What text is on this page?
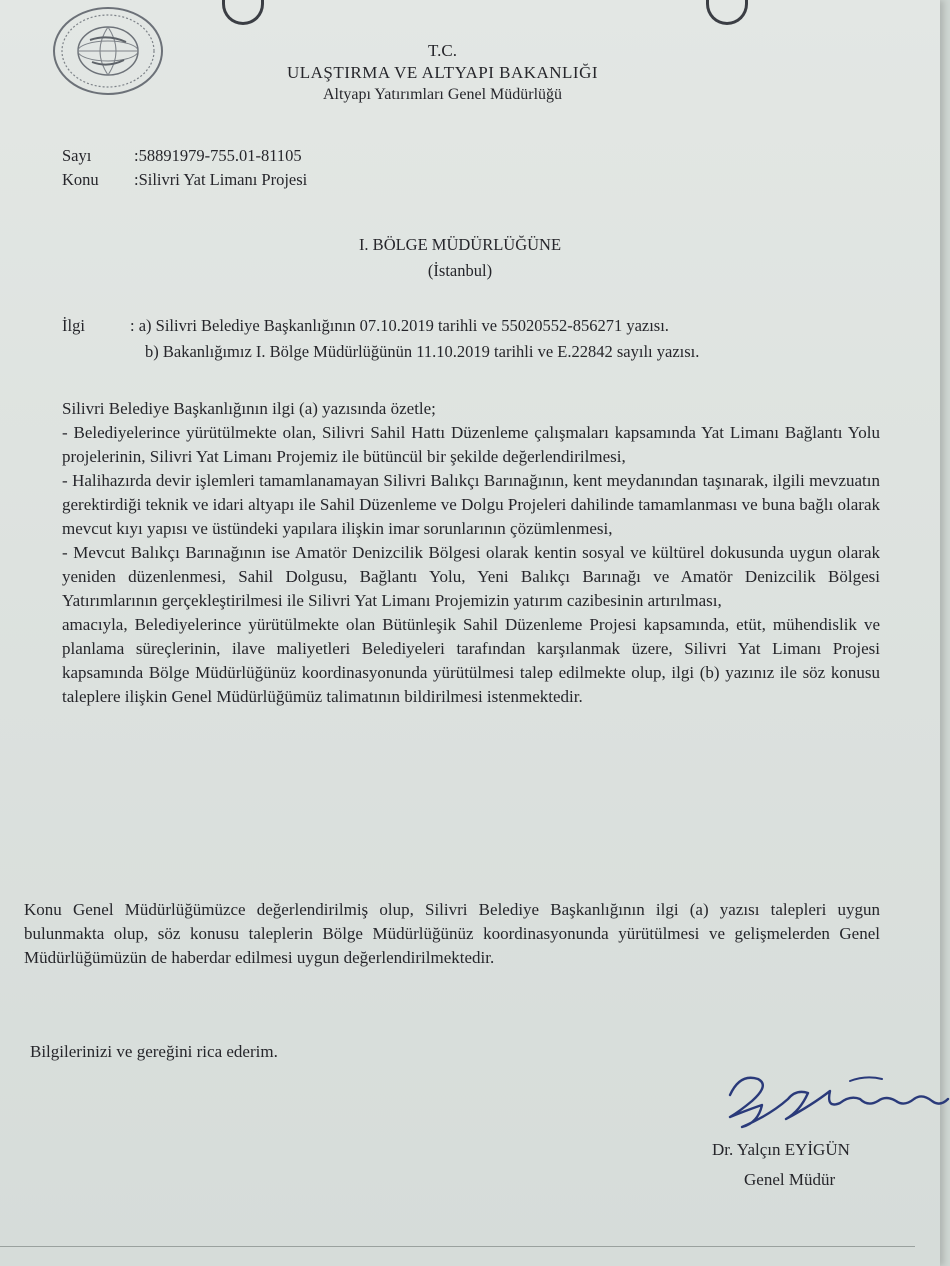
T.C.
ULAŞTIRMA VE ALTYAPI BAKANLIĞI
Altyapı Yatırımları Genel Müdürlüğü
Sayı	:58891979-755.01-81105
Konu :Silivri Yat Limanı Projesi
I. BÖLGE MÜDÜRLÜĞÜNE
(İstanbul)
İlgi	: a) Silivri Belediye Başkanlığının 07.10.2019 tarihli ve 55020552-856271 yazısı.
b) Bakanlığımız I. Bölge Müdürlüğünün 11.10.2019 tarihli ve E.22842 sayılı yazısı.

Silivri Belediye Başkanlığının ilgi (a) yazısında özetle;

- Belediyelerince yürütülmekte olan, Silivri Sahil Hattı Düzenleme çalışmaları kapsamında Yat Limanı Bağlantı Yolu projelerinin, Silivri Yat Limanı Projemiz ile bütüncül bir şekilde değerlendirilmesi,

- Halihazırda devir işlemleri tamamlanamayan Silivri Balıkçı Barınağının, kent meydanından taşınarak, ilgili mevzuatın gerektirdiği teknik ve idari altyapı ile Sahil Düzenleme ve Dolgu Projeleri dahilinde tamamlanması ve buna bağlı olarak mevcut kıyı yapısı ve üstündeki yapılara ilişkin imar sorunlarının çözümlenmesi,

- Mevcut Balıkçı Barınağının ise Amatör Denizcilik Bölgesi olarak kentin sosyal ve kültürel dokusunda uygun olarak yeniden düzenlenmesi, Sahil Dolgusu, Bağlantı Yolu, Yeni Balıkçı Barınağı ve Amatör Denizcilik Bölgesi Yatırımlarının gerçekleştirilmesi ile Silivri Yat Limanı Projemizin yatırım cazibesinin artırılması,

amacıyla, Belediyelerince yürütülmekte olan Bütünleşik Sahil Düzenleme Projesi kapsamında, etüt, mühendislik ve planlama süreçlerinin, ilave maliyetleri Belediyeleri tarafından karşılanmak üzere, Silivri Yat Limanı Projesi kapsamında Bölge Müdürlüğünüz koordinasyonunda yürütülmesi talep edilmekte olup, ilgi (b) yazınız ile söz konusu taleplere ilişkin Genel Müdürlüğümüz talimatının bildirilmesi istenmektedir.

Konu Genel Müdürlüğümüzce değerlendirilmiş olup, Silivri Belediye Başkanlığının ilgi (a) yazısı talepleri uygun bulunmakta olup, söz konusu taleplerin Bölge Müdürlüğünüz koordinasyonunda yürütülmesi ve gelişmelerden Genel Müdürlüğümüzün de haberdar edilmesi uygun değerlendirilmektedir.

Bilgilerinizi ve gereğini rica ederim.
Dr. Yalçın EYİGÜN
Genel Müdür
